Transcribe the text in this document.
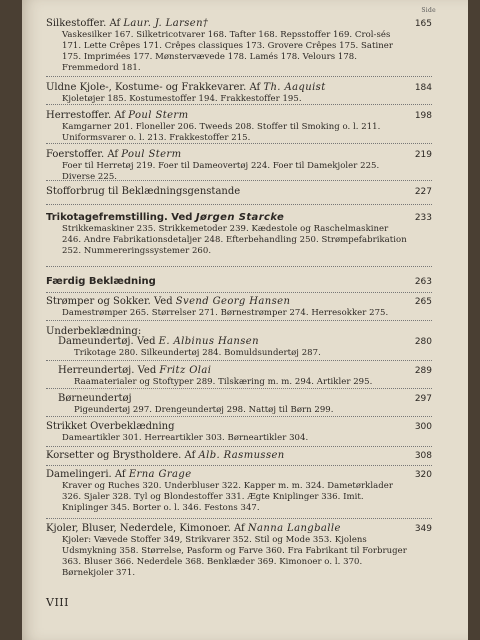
Side
Silkestoffer. Af Laur. J. Larsen†	165
Vaskesilker 167. Silketricotvarer 168. Tafter 168. Repsstoffer 169. Crol-sés 171. Lette Crêpes 171. Crêpes classiques 173. Grovere Crêpes 175. Satiner 175. Imprimées 177. Mønstervævede 178. Lamés 178. Velours 178. Fremmedord 181.
Uldne Kjole-, Kostume- og Frakkevarer. Af Th. Aaquist	184
Kjoletøjer 185. Kostumestoffer 194. Frakkestoffer 195.
Herrestoffer. Af Poul Sterm	198
Kamgarner 201. Floneller 206. Tweeds 208. Stoffer til Smoking o. l. 211. Uniformsvarer o. l. 213. Frakkestoffer 215.
Foerstoffer. Af Poul Sterm	219
Foer til Herretøj 219. Foer til Dameovertøj 224. Foer til Damekjoler 225. Diverse 225.
Stofforbrug til Beklædningsgenstande	227
Trikotagefremstilling. Ved Jørgen Starcke	233
Strikkemaskiner 235. Strikkemetoder 239. Kædestole og Raschelmaskiner 246. Andre Fabrikationsdetaljer 248. Efterbehandling 250. Strømpefabrikation 252. Nummereringssystemer 260.
Færdig Beklædning	263
Strømper og Sokker. Ved Svend Georg Hansen	265
Damestrømper 265. Størrelser 271. Børnestrømper 274. Herresokker 275.
Underbeklædning:
Dameundertøj. Ved E. Albinus Hansen	280
Trikotage 280. Silkeundertøj 284. Bomuldsundertøj 287.
Herreundertøj. Ved Fritz Olai	289
Raamaterialer og Stoftyper 289. Tilskæring m. m. 294. Artikler 295.
Børneundertøj	297
Pigeundertøj 297. Drengeundertøj 298. Nattøj til Børn 299.
Strikket Overbeklædning	300
Dameartikler 301. Herreartikler 303. Børneartikler 304.
Korsetter og Brystholdere. Af Alb. Rasmussen	308
Damelingeri. Af Erna Grage	320
Kraver og Ruches 320. Underbluser 322. Kapper m. m. 324. Dametørklader 326. Sjaler 328. Tyl og Blondestoffer 331. Ægte Kniplinger 336. Imit. Kniplinger 345. Borter o. l. 346. Festons 347.
Kjoler, Bluser, Nederdele, Kimonoer. Af Nanna Langballe	349
Kjoler: Vævede Stoffer 349, Strikvarer 352. Stil og Mode 353. Kjolens Udsmykning 358. Størrelse, Pasform og Farve 360. Fra Fabrikant til Forbruger 363. Bluser 366. Nederdele 368. Benklæder 369. Kimonoer o. l. 370. Børnekjoler 371.
VIII
